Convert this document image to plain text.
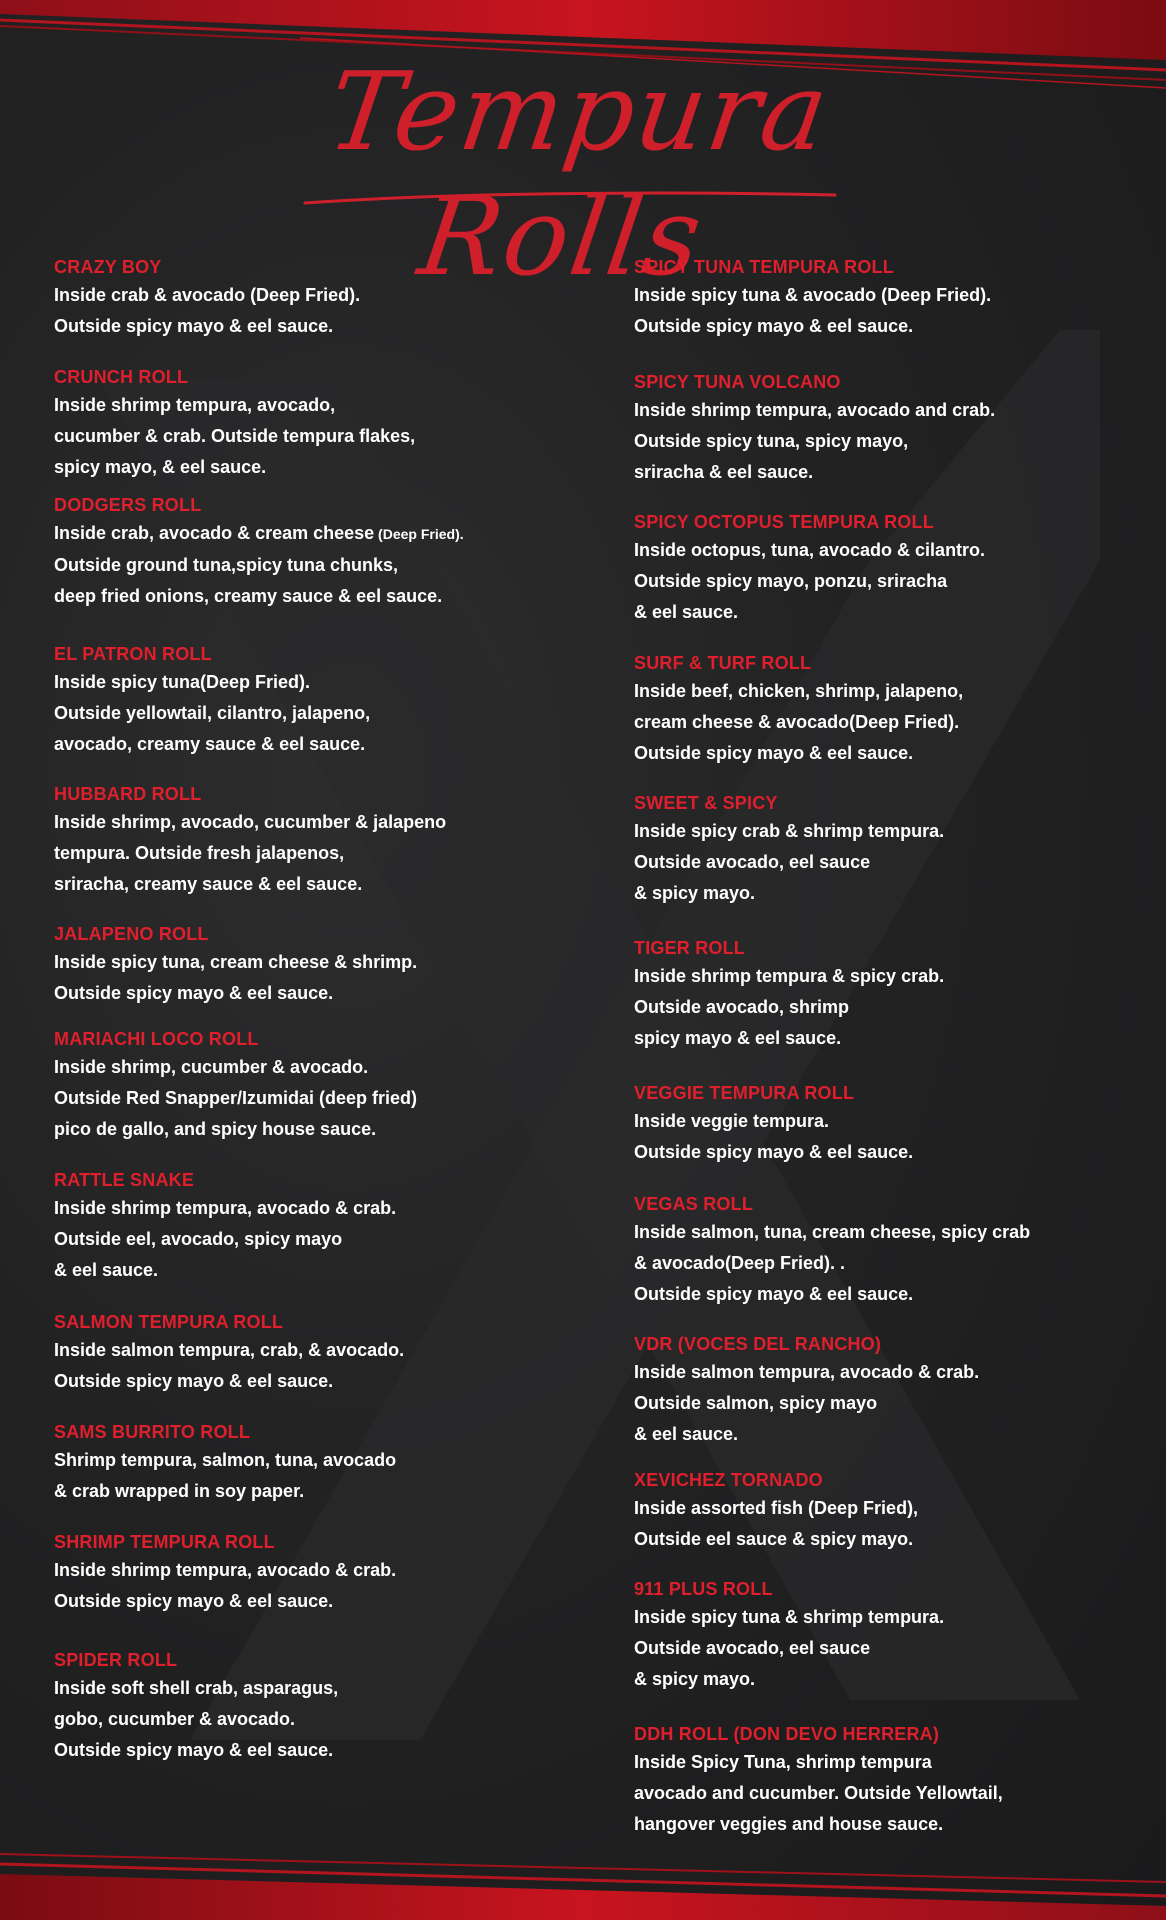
Tempura Rolls
CRAZY BOY
Inside crab & avocado (Deep Fried).
Outside spicy mayo & eel sauce.
CRUNCH ROLL
Inside shrimp tempura, avocado,
cucumber & crab. Outside tempura flakes,
spicy mayo, & eel sauce.
DODGERS ROLL
Inside crab, avocado & cream cheese (Deep Fried).
Outside ground tuna,spicy tuna chunks,
deep fried onions, creamy sauce & eel sauce.
EL PATRON ROLL
Inside spicy tuna(Deep Fried).
Outside yellowtail, cilantro, jalapeno,
avocado, creamy sauce & eel sauce.
HUBBARD ROLL
Inside shrimp, avocado, cucumber & jalapeno
tempura. Outside fresh jalapenos,
sriracha, creamy sauce & eel sauce.
JALAPENO ROLL
Inside spicy tuna, cream cheese & shrimp.
Outside spicy mayo & eel sauce.
MARIACHI LOCO ROLL
Inside shrimp, cucumber & avocado.
Outside Red Snapper/Izumidai (deep fried)
pico de gallo, and spicy house sauce.
RATTLE SNAKE
Inside shrimp tempura, avocado & crab.
Outside eel, avocado, spicy mayo
& eel sauce.
SALMON TEMPURA ROLL
Inside salmon tempura, crab, & avocado.
Outside spicy mayo & eel sauce.
SAMS BURRITO ROLL
Shrimp tempura, salmon, tuna, avocado
& crab wrapped in soy paper.
SHRIMP TEMPURA ROLL
Inside shrimp tempura, avocado & crab.
Outside spicy mayo & eel sauce.
SPIDER ROLL
Inside soft shell crab, asparagus,
gobo, cucumber & avocado.
Outside spicy mayo & eel sauce.
SPICY TUNA TEMPURA ROLL
Inside spicy tuna & avocado (Deep Fried).
Outside spicy mayo & eel sauce.
SPICY TUNA VOLCANO
Inside shrimp tempura, avocado and crab.
Outside spicy tuna, spicy mayo,
sriracha & eel sauce.
SPICY OCTOPUS TEMPURA ROLL
Inside octopus, tuna, avocado & cilantro.
Outside spicy mayo, ponzu, sriracha
& eel sauce.
SURF & TURF ROLL
Inside beef, chicken, shrimp, jalapeno,
cream cheese & avocado(Deep Fried).
Outside spicy mayo & eel sauce.
SWEET & SPICY
Inside spicy crab & shrimp tempura.
Outside avocado, eel sauce
& spicy mayo.
TIGER ROLL
Inside shrimp tempura & spicy crab.
Outside avocado, shrimp
spicy mayo & eel sauce.
VEGGIE TEMPURA ROLL
Inside veggie tempura.
Outside spicy mayo & eel sauce.
VEGAS ROLL
Inside salmon, tuna, cream cheese, spicy crab
& avocado(Deep Fried). .
Outside spicy mayo & eel sauce.
VDR (VOCES DEL RANCHO)
Inside salmon tempura, avocado & crab.
Outside salmon, spicy mayo
& eel sauce.
XEVICHEZ TORNADO
Inside assorted fish (Deep Fried),
Outside eel sauce & spicy mayo.
911 PLUS ROLL
Inside spicy tuna & shrimp tempura.
Outside avocado, eel sauce
& spicy mayo.
DDH ROLL (DON DEVO HERRERA)
Inside Spicy Tuna, shrimp tempura
avocado and cucumber. Outside Yellowtail,
hangover veggies and house sauce.
